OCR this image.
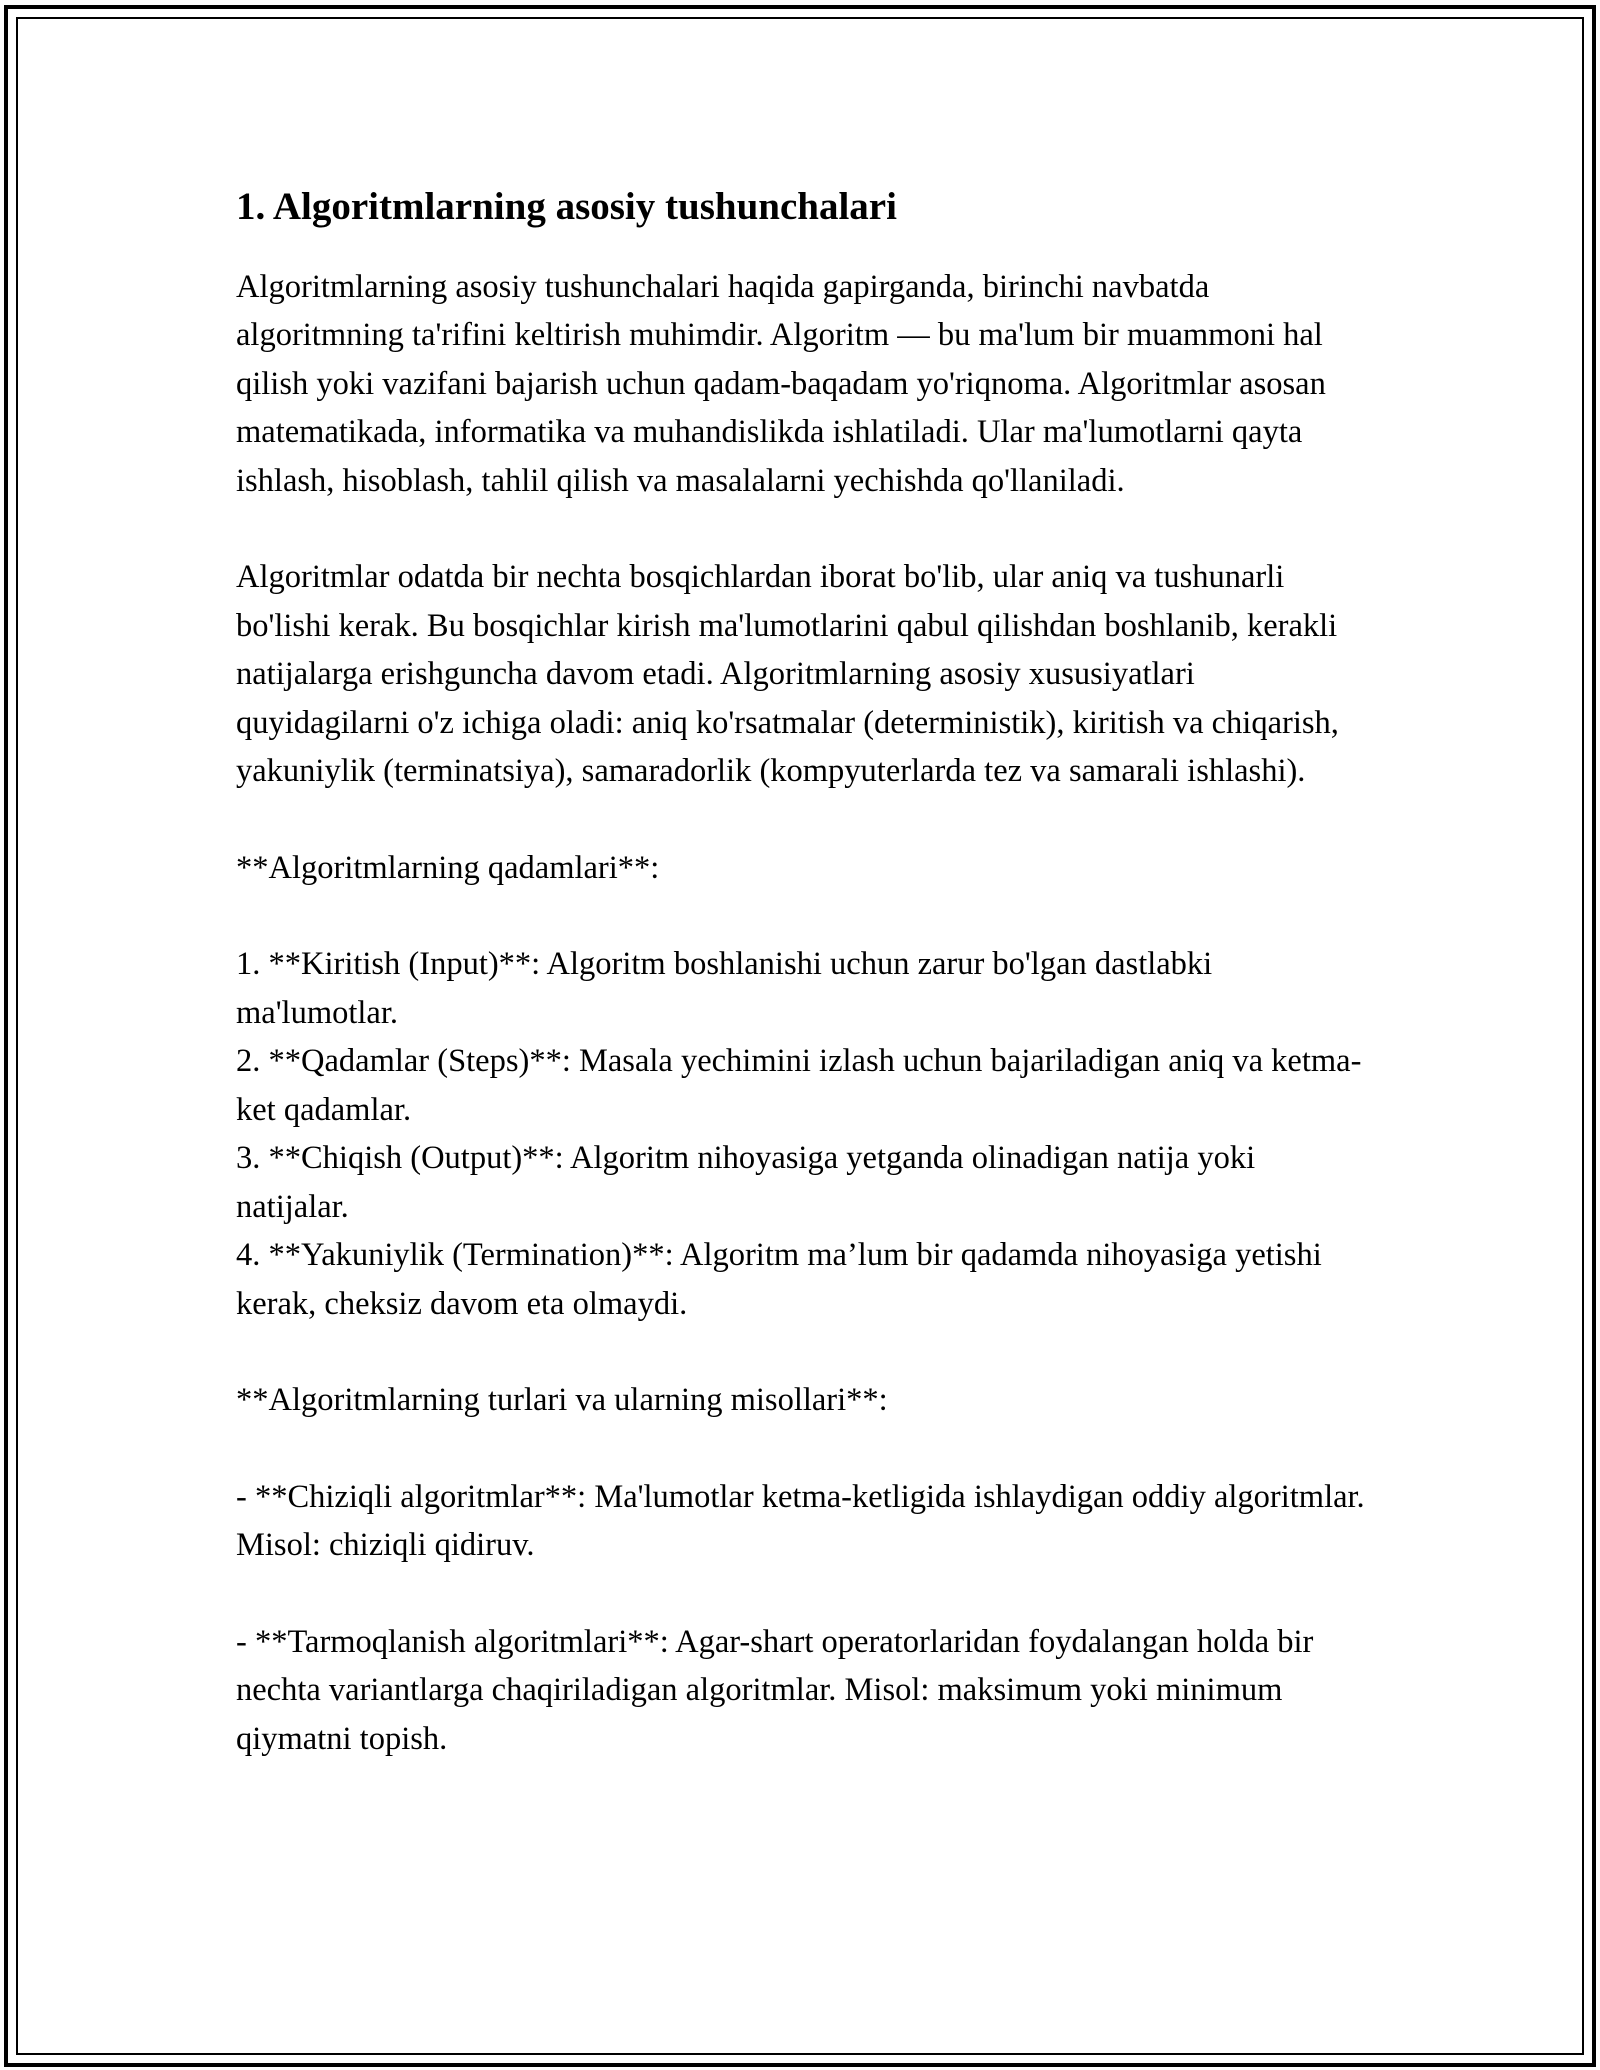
1. Algoritmlarning asosiy tushunchalari

Algoritmlarning asosiy tushunchalari haqida gapirganda, birinchi navbatda algoritmning ta'rifini keltirish muhimdir. Algoritm — bu ma'lum bir muammoni hal qilish yoki vazifani bajarish uchun qadam-baqadam yo'riqnoma. Algoritmlar asosan matematikada, informatika va muhandislikda ishlatiladi. Ular ma'lumotlarni qayta ishlash, hisoblash, tahlil qilish va masalalarni yechishda qo'llaniladi.

Algoritmlar odatda bir nechta bosqichlardan iborat bo'lib, ular aniq va tushunarli bo'lishi kerak. Bu bosqichlar kirish ma'lumotlarini qabul qilishdan boshlanib, kerakli natijalarga erishguncha davom etadi. Algoritmlarning asosiy xususiyatlari quyidagilarni o'z ichiga oladi: aniq ko'rsatmalar (deterministik), kiritish va chiqarish, yakuniylik (terminatsiya), samaradorlik (kompyuterlarda tez va samarali ishlashi).

**Algoritmlarning qadamlari**:

1. **Kiritish (Input)**: Algoritm boshlanishi uchun zarur bo'lgan dastlabki ma'lumotlar.

2. **Qadamlar (Steps)**: Masala yechimini izlash uchun bajariladigan aniq va ketma-ket qadamlar.

3. **Chiqish (Output)**: Algoritm nihoyasiga yetganda olinadigan natija yoki natijalar.

4. **Yakuniylik (Termination)**: Algoritm ma’lum bir qadamda nihoyasiga yetishi kerak, cheksiz davom eta olmaydi.

**Algoritmlarning turlari va ularning misollari**:

- **Chiziqli algoritmlar**: Ma'lumotlar ketma-ketligida ishlaydigan oddiy algoritmlar. Misol: chiziqli qidiruv.

- **Tarmoqlanish algoritmlari**: Agar-shart operatorlaridan foydalangan holda bir nechta variantlarga chaqiriladigan algoritmlar. Misol: maksimum yoki minimum qiymatni topish.
